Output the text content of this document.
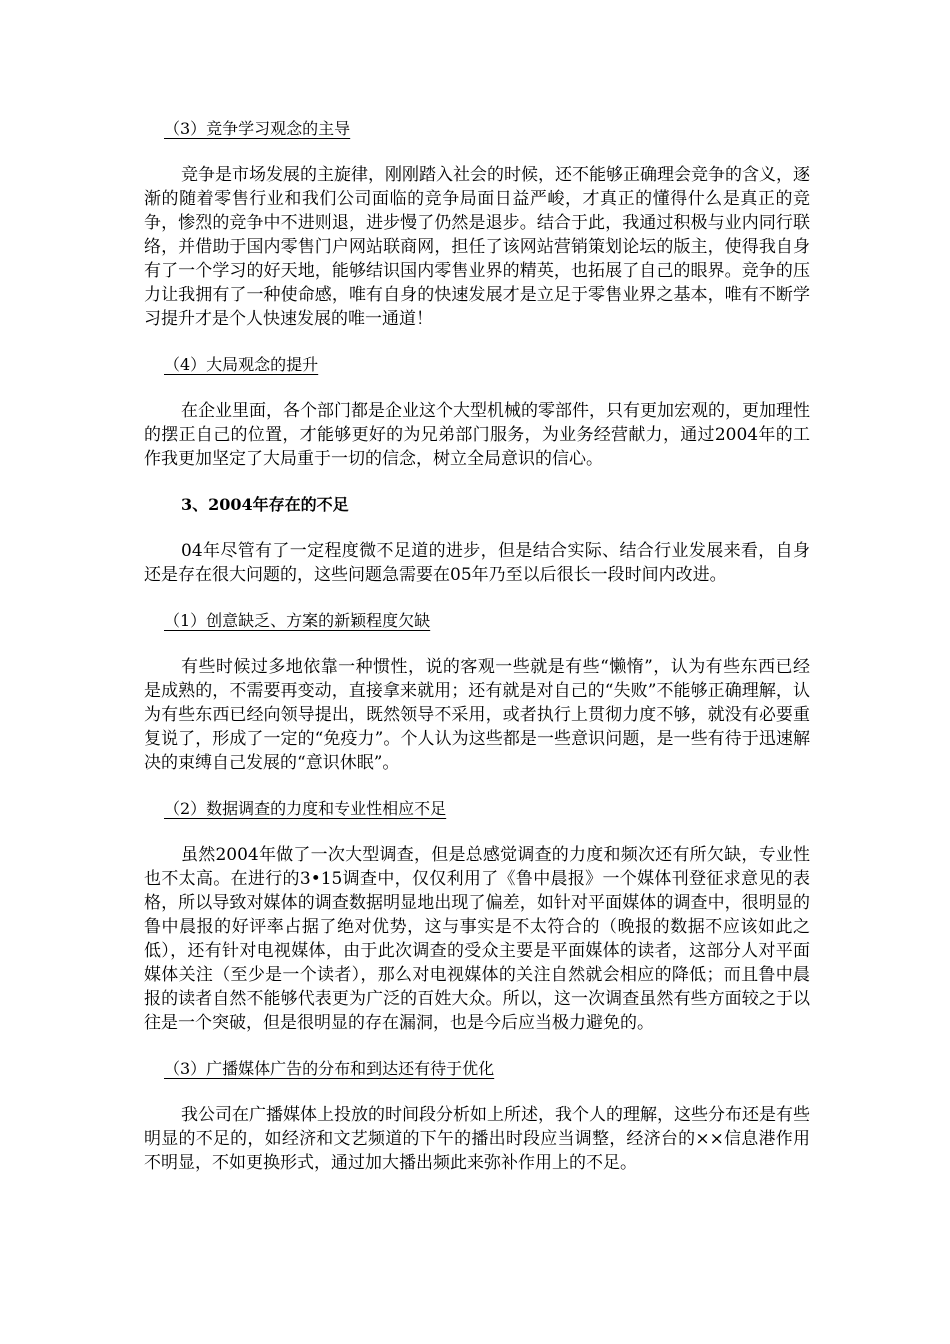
（3）竞争学习观念的主导

竞争是市场发展的主旋律，刚刚踏入社会的时候，还不能够正确理会竞争的含义，逐渐的随着零售行业和我们公司面临的竞争局面日益严峻，才真正的懂得什么是真正的竞争，惨烈的竞争中不进则退，进步慢了仍然是退步。结合于此，我通过积极与业内同行联络，并借助于国内零售门户网站联商网，担任了该网站营销策划论坛的版主，使得我自身有了一个学习的好天地，能够结识国内零售业界的精英，也拓展了自己的眼界。竞争的压力让我拥有了一种使命感，唯有自身的快速发展才是立足于零售业界之基本，唯有不断学习提升才是个人快速发展的唯一通道！

（4）大局观念的提升

在企业里面，各个部门都是企业这个大型机械的零部件，只有更加宏观的，更加理性的摆正自己的位置，才能够更好的为兄弟部门服务，为业务经营献力，通过2004年的工作我更加坚定了大局重于一切的信念，树立全局意识的信心。

3、2004年存在的不足

04年尽管有了一定程度微不足道的进步，但是结合实际、结合行业发展来看，自身还是存在很大问题的，这些问题急需要在05年乃至以后很长一段时间内改进。

（1）创意缺乏、方案的新颖程度欠缺

有些时候过多地依靠一种惯性，说的客观一些就是有些“懒惰”，认为有些东西已经是成熟的，不需要再变动，直接拿来就用；还有就是对自己的“失败”不能够正确理解，认为有些东西已经向领导提出，既然领导不采用，或者执行上贯彻力度不够，就没有必要重复说了，形成了一定的“免疫力”。个人认为这些都是一些意识问题，是一些有待于迅速解决的束缚自己发展的“意识休眠”。

（2）数据调查的力度和专业性相应不足

虽然2004年做了一次大型调查，但是总感觉调查的力度和频次还有所欠缺，专业性也不太高。在进行的3•15调查中，仅仅利用了《鲁中晨报》一个媒体刊登征求意见的表格，所以导致对媒体的调查数据明显地出现了偏差，如针对平面媒体的调查中，很明显的鲁中晨报的好评率占据了绝对优势，这与事实是不太符合的（晚报的数据不应该如此之低），还有针对电视媒体，由于此次调查的受众主要是平面媒体的读者，这部分人对平面媒体关注（至少是一个读者），那么对电视媒体的关注自然就会相应的降低；而且鲁中晨报的读者自然不能够代表更为广泛的百姓大众。所以，这一次调查虽然有些方面较之于以往是一个突破，但是很明显的存在漏洞，也是今后应当极力避免的。

（3）广播媒体广告的分布和到达还有待于优化

我公司在广播媒体上投放的时间段分析如上所述，我个人的理解，这些分布还是有些明显的不足的，如经济和文艺频道的下午的播出时段应当调整，经济台的××信息港作用不明显，不如更换形式，通过加大播出频此来弥补作用上的不足。
